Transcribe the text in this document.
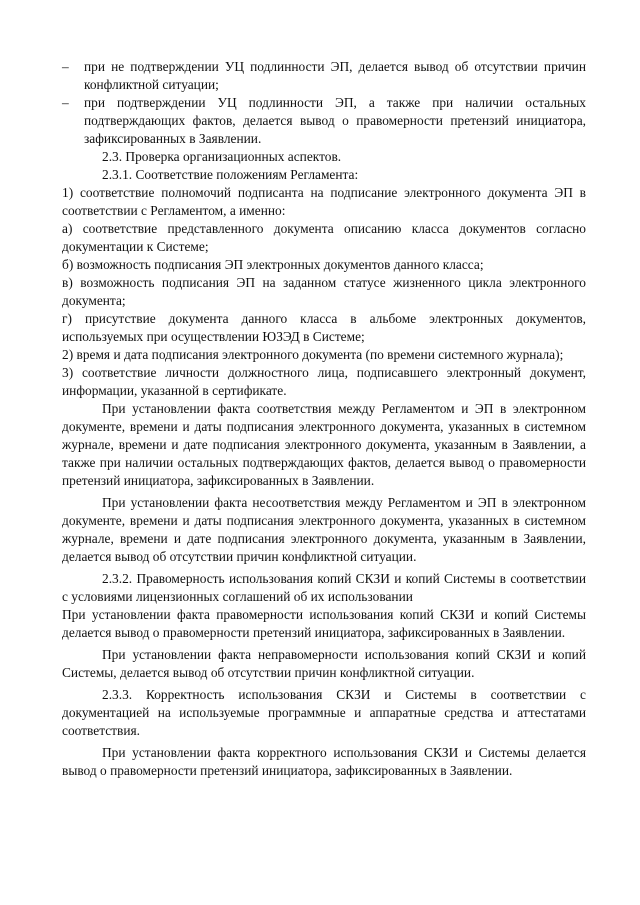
–	при не подтверждении УЦ подлинности ЭП, делается вывод об отсутствии причин конфликтной ситуации;
–	при подтверждении УЦ подлинности ЭП, а также при наличии остальных подтверждающих фактов, делается вывод о правомерности претензий инициатора, зафиксированных в Заявлении.

2.3. Проверка организационных аспектов.

2.3.1. Соответствие положениям Регламента:

1) соответствие полномочий подписанта на подписание электронного документа ЭП в соответствии с Регламентом, а именно:

а) соответствие представленного документа описанию класса документов согласно документации к Системе;

б) возможность подписания ЭП электронных документов данного класса;

в) возможность подписания ЭП на заданном статусе жизненного цикла электронного документа;

г) присутствие документа данного класса в альбоме электронных документов, используемых при осуществлении ЮЗЭД в Системе;

2) время и дата подписания электронного документа (по времени системного журнала);

3) соответствие личности должностного лица, подписавшего электронный документ, информации, указанной в сертификате.

При установлении факта соответствия между Регламентом и ЭП в электронном документе, времени и даты подписания электронного документа, указанных в системном журнале, времени и дате подписания электронного документа, указанным в Заявлении, а также при наличии остальных подтверждающих фактов, делается вывод о правомерности претензий инициатора, зафиксированных в Заявлении.

При установлении факта несоответствия между Регламентом и ЭП в электронном документе, времени и даты подписания электронного документа, указанных в системном журнале, времени и дате подписания электронного документа, указанным в Заявлении, делается вывод об отсутствии причин конфликтной ситуации.

2.3.2. Правомерность использования копий СКЗИ и копий Системы в соответствии с условиями лицензионных соглашений об их использовании

При установлении факта правомерности использования копий СКЗИ и копий Системы делается вывод о правомерности претензий инициатора, зафиксированных в Заявлении.

При установлении факта неправомерности использования копий СКЗИ и копий Системы, делается вывод об отсутствии причин конфликтной ситуации.

2.3.3. Корректность использования СКЗИ и Системы в соответствии с документацией на используемые программные и аппаратные средства и аттестатами соответствия.

При установлении факта корректного использования СКЗИ и Системы делается вывод о правомерности претензий инициатора, зафиксированных в Заявлении.
